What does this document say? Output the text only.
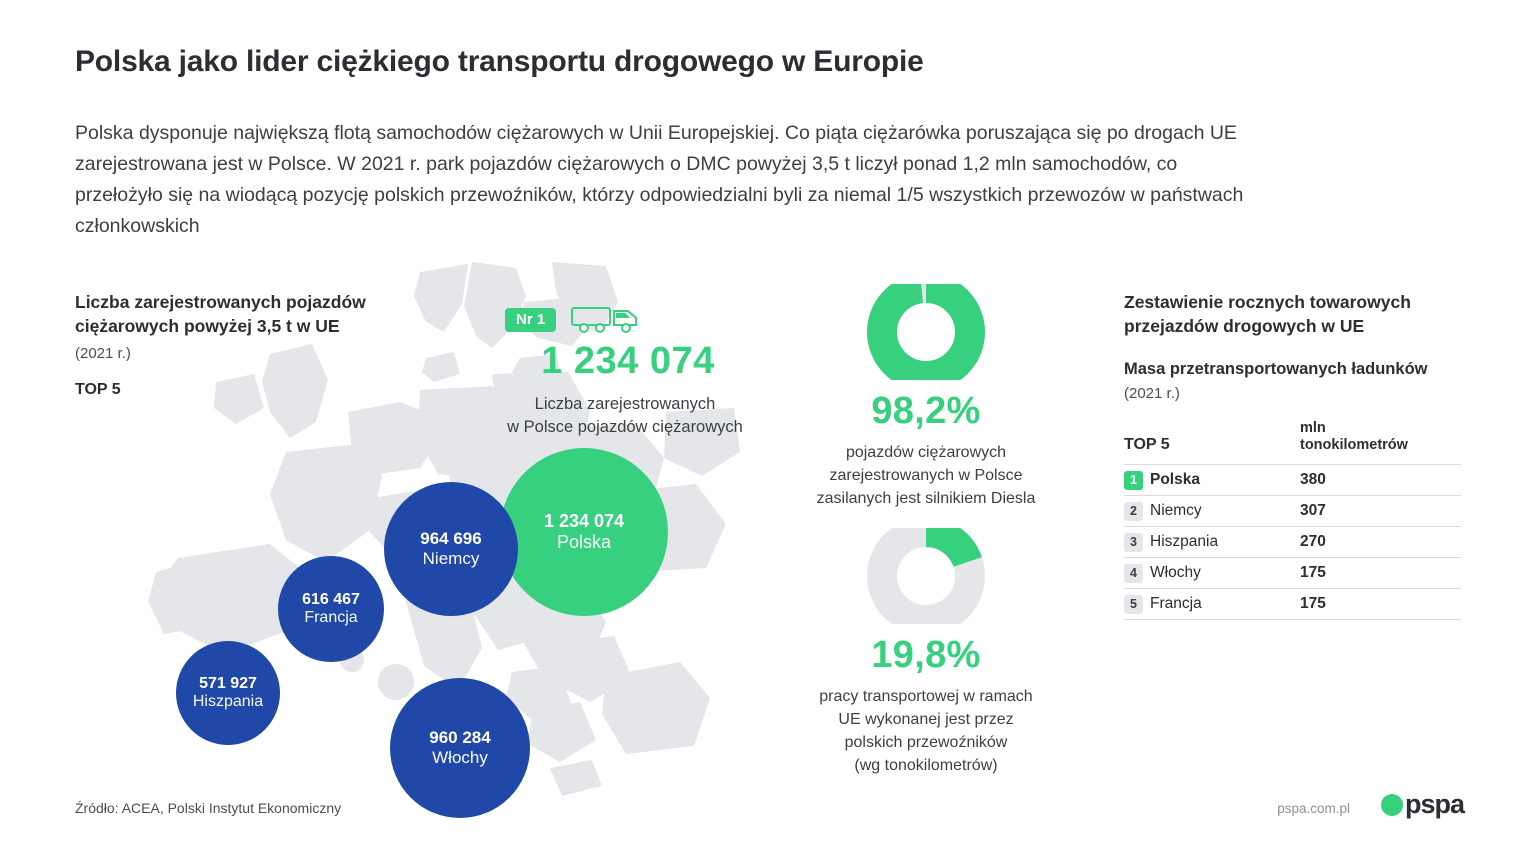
Polska jako lider ciężkiego transportu drogowego w Europie
Polska dysponuje największą flotą samochodów ciężarowych w Unii Europejskiej. Co piąta ciężarówka poruszająca się po drogach UE zarejestrowana jest w Polsce. W 2021 r. park pojazdów ciężarowych o DMC powyżej 3,5 t liczył ponad 1,2 mln samochodów, co przełożyło się na wiodącą pozycję polskich przewoźników, którzy odpowiedzialni byli za niemal 1/5 wszystkich przewozów w państwach członkowskich
Liczba zarejestrowanych pojazdów ciężarowych powyżej 3,5 t w UE
(2021 r.)
TOP 5
Nr 1
1 234 074
Liczba zarejestrowanych
w Polsce pojazdów ciężarowych
1 234 074
Polska
964 696
Niemcy
616 467
Francja
571 927
Hiszpania
960 284
Włochy
Źródło: ACEA, Polski Instytut Ekonomiczny
98,2%
pojazdów ciężarowych
zarejestrowanych w Polsce
zasilanych jest silnikiem Diesla
19,8%
pracy transportowej w ramach
UE wykonanej jest przez
polskich przewoźników
(wg tonokilometrów)
Zestawienie rocznych towarowych przejazdów drogowych w UE
Masa przetransportowanych ładunków
(2021 r.)
TOP 5		mln
tonokilometrów

1	Polska	380
2	Niemcy	307
3	Hiszpania	270
4	Włochy	175
5	Francja	175
pspa.com.pl	pspa
